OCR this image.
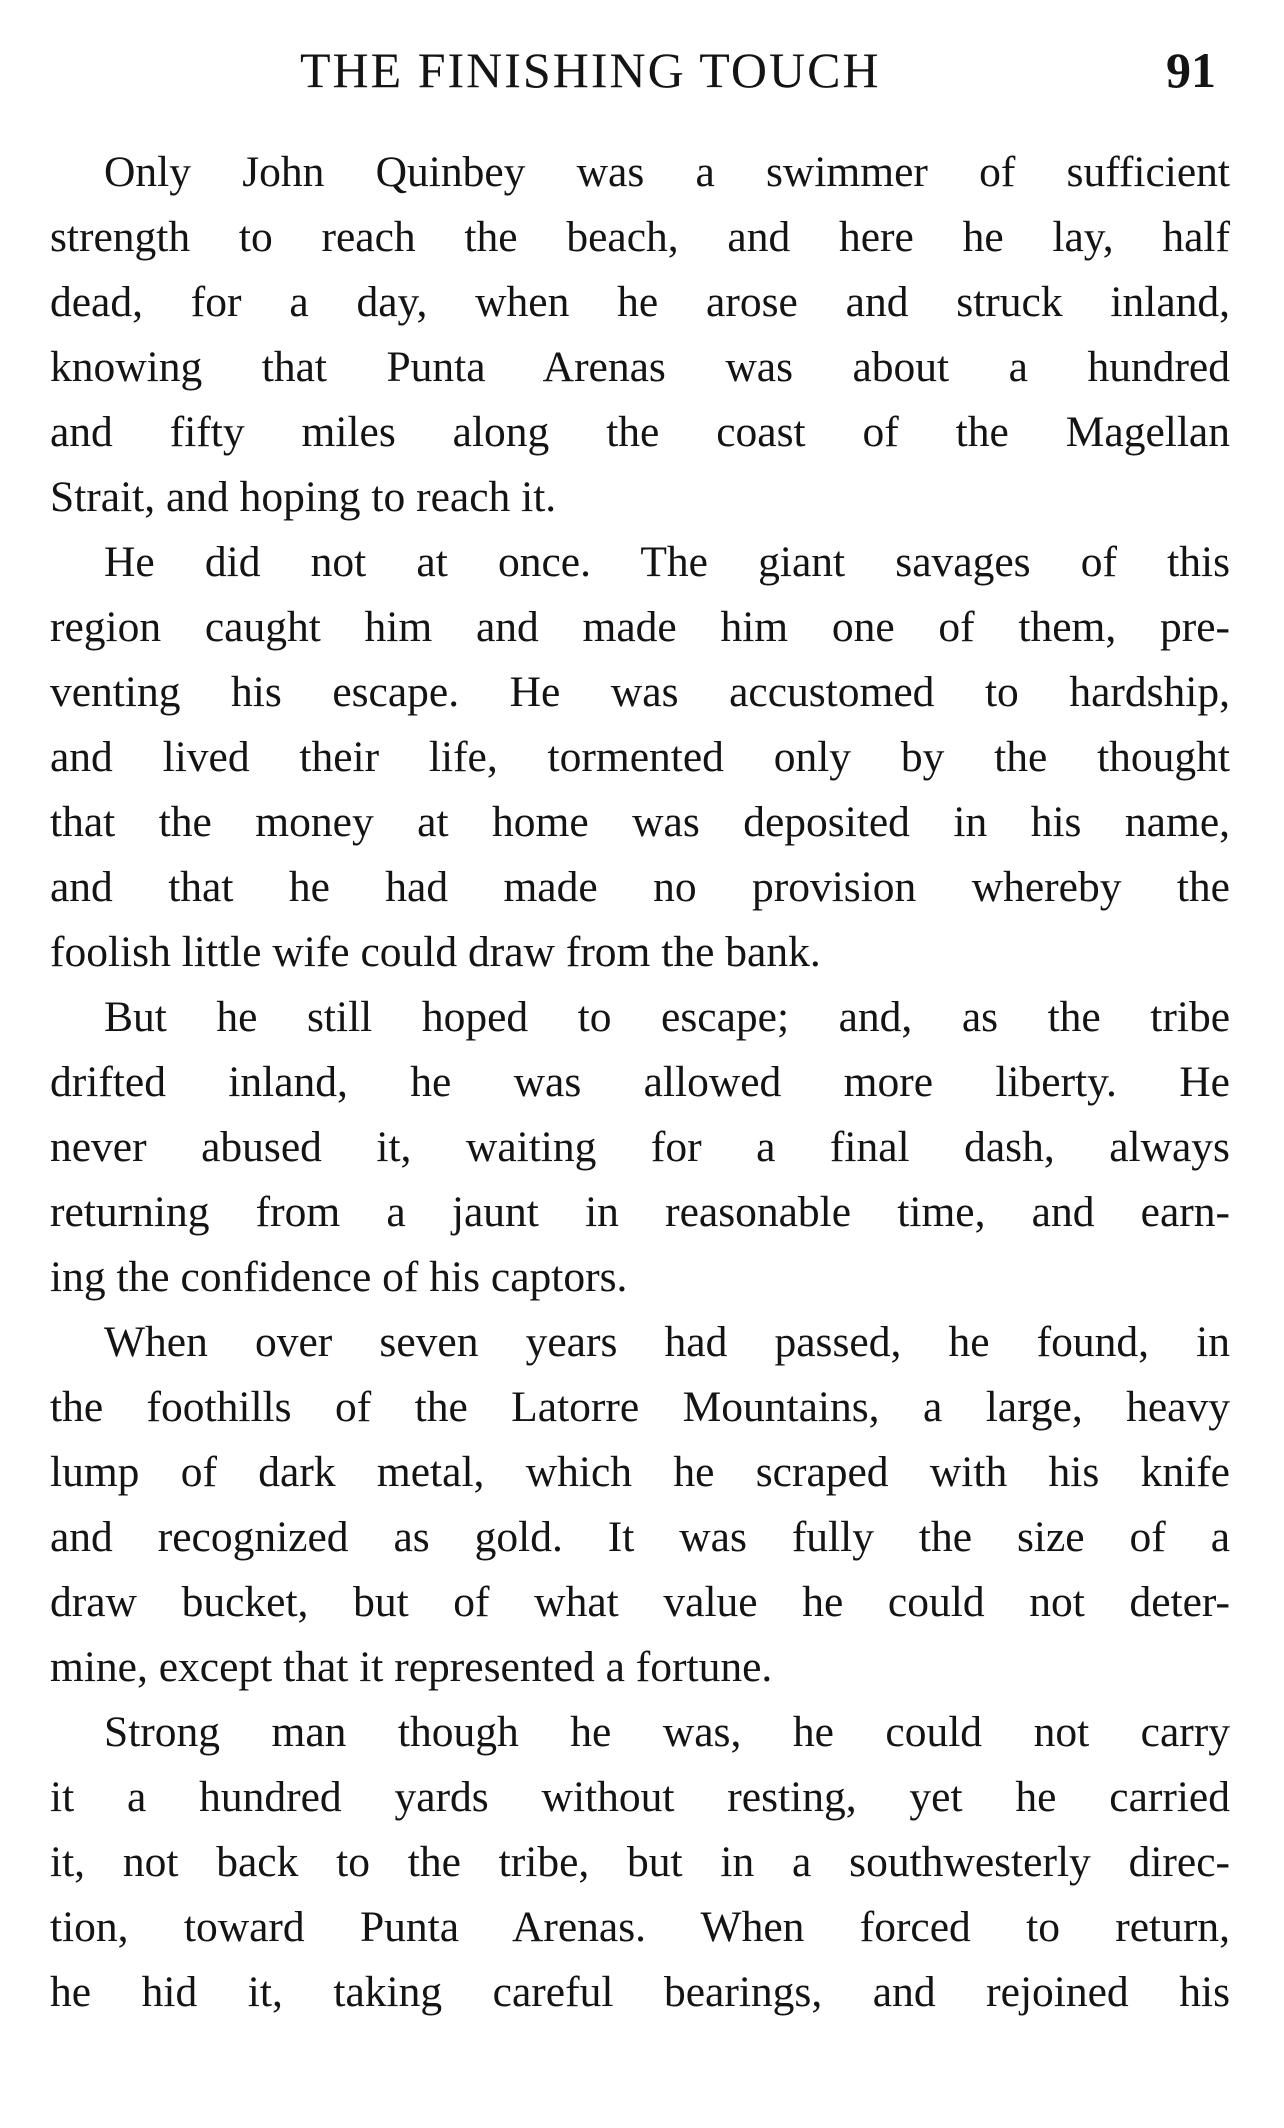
THE FINISHING TOUCH	91
Only John Quinbey was a swimmer of sufficient
strength to reach the beach, and here he lay, half
dead, for a day, when he arose and struck inland,
knowing that Punta Arenas was about a hundred
and fifty miles along the coast of the Magellan
Strait, and hoping to reach it.
He did not at once. The giant savages of this
region caught him and made him one of them, pre-
venting his escape. He was accustomed to hardship,
and lived their life, tormented only by the thought
that the money at home was deposited in his name,
and that he had made no provision whereby the
foolish little wife could draw from the bank.
But he still hoped to escape; and, as the tribe
drifted inland, he was allowed more liberty. He
never abused it, waiting for a final dash, always
returning from a jaunt in reasonable time, and earn-
ing the confidence of his captors.
When over seven years had passed, he found, in
the foothills of the Latorre Mountains, a large, heavy
lump of dark metal, which he scraped with his knife
and recognized as gold. It was fully the size of a
draw bucket, but of what value he could not deter-
mine, except that it represented a fortune.
Strong man though he was, he could not carry
it a hundred yards without resting, yet he carried
it, not back to the tribe, but in a southwesterly direc-
tion, toward Punta Arenas. When forced to return,
he hid it, taking careful bearings, and rejoined his
